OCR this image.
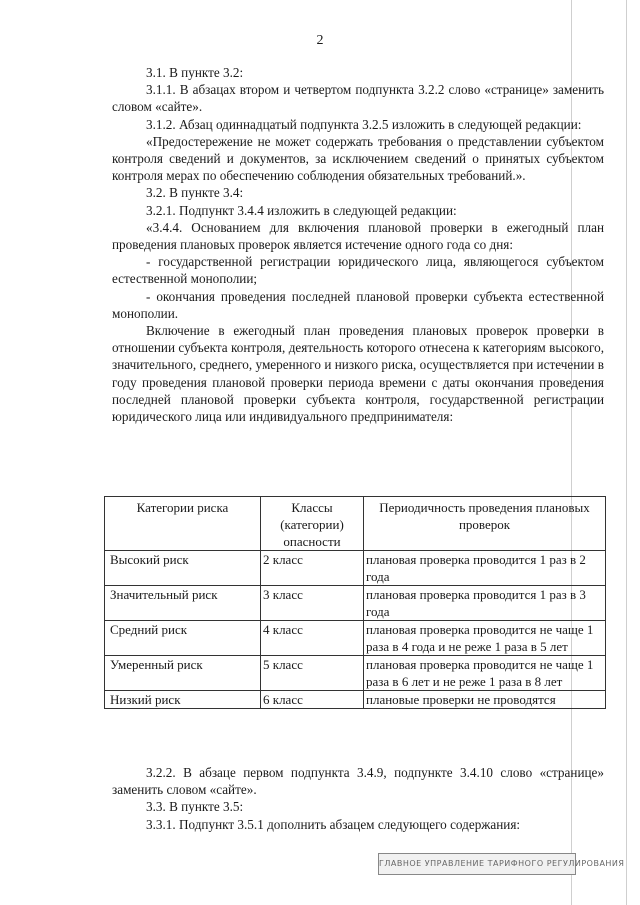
2

3.1. В пункте 3.2:

3.1.1. В абзацах втором и четвертом подпункта 3.2.2 слово «странице» заменить словом «сайте».

3.1.2. Абзац одиннадцатый подпункта 3.2.5 изложить в следующей редакции:

«Предостережение не может содержать требования о представлении субъектом контроля сведений и документов, за исключением сведений о принятых субъектом контроля мерах по обеспечению соблюдения обязательных требований.».

3.2. В пункте 3.4:

3.2.1. Подпункт 3.4.4 изложить в следующей редакции:

«3.4.4. Основанием для включения плановой проверки в ежегодный план проведения плановых проверок является истечение одного года со дня:

- государственной регистрации юридического лица, являющегося субъектом естественной монополии;

- окончания проведения последней плановой проверки субъекта естественной монополии.

Включение в ежегодный план проведения плановых проверок проверки в отношении субъекта контроля, деятельность которого отнесена к категориям высокого, значительного, среднего, умеренного и низкого риска, осуществляется при истечении в году проведения плановой проверки периода времени с даты окончания проведения последней плановой проверки субъекта контроля, государственной регистрации юридического лица или индивидуального предпринимателя:

Категории риска	Классы (категории) опасности	Периодичность проведения плановых проверок
Высокий риск	2 класс	плановая проверка проводится 1 раз в 2 года
Значительный риск	3 класс	плановая проверка проводится 1 раз в 3 года
Средний риск	4 класс	плановая проверка проводится не чаще 1 раза в 4 года и не реже 1 раза в 5 лет
Умеренный риск	5 класс	плановая проверка проводится не чаще 1 раза в 6 лет и не реже 1 раза в 8 лет
Низкий риск	6 класс	плановые проверки не проводятся

3.2.2. В абзаце первом подпункта 3.4.9, подпункте 3.4.10 слово «странице» заменить словом «сайте».

3.3. В пункте 3.5:

3.3.1. Подпункт 3.5.1 дополнить абзацем следующего содержания:

ГЛАВНОЕ УПРАВЛЕНИЕ ТАРИФНОГО РЕГУЛИРОВАНИЯ
